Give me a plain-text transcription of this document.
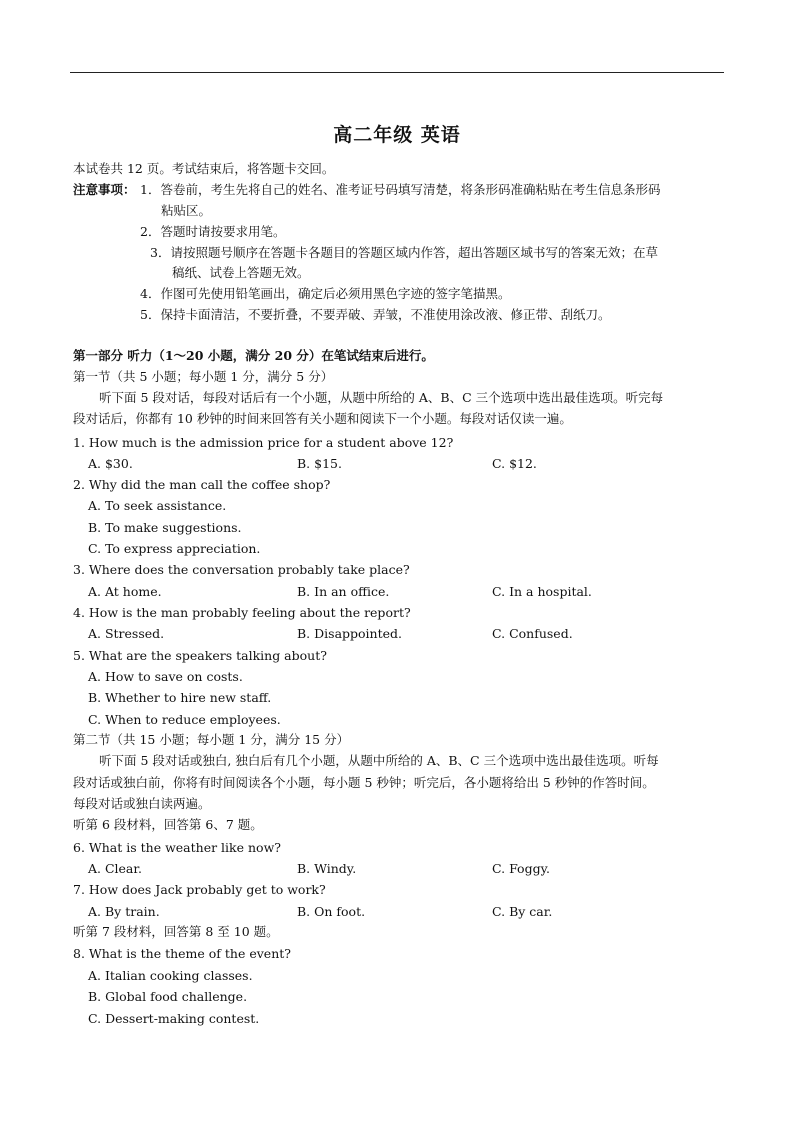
高二年级 英语
本试卷共 12 页。考试结束后，将答题卡交回。
注意事项： 1．答卷前，考生先将自己的姓名、准考证号码填写清楚，将条形码准确粘贴在考生信息条形码
粘贴区。
2．答题时请按要求用笔。
3．请按照题号顺序在答题卡各题目的答题区域内作答，超出答题区域书写的答案无效；在草
稿纸、试卷上答题无效。
4．作图可先使用铅笔画出，确定后必须用黑色字迹的签字笔描黑。
5．保持卡面清洁，不要折叠，不要弄破、弄皱，不准使用涂改液、修正带、刮纸刀。
第一部分 听力（1～20 小题，满分 20 分）在笔试结束后进行。
第一节（共 5 小题；每小题 1 分，满分 5 分）
听下面 5 段对话，每段对话后有一个小题，从题中所给的 A、B、C 三个选项中选出最佳选项。听完每
段对话后，你都有 10 秒钟的时间来回答有关小题和阅读下一个小题。每段对话仅读一遍。
1. How much is the admission price for a student above 12?
A. $30.	B. $15.	C. $12.
2. Why did the man call the coffee shop?
A. To seek assistance.
B. To make suggestions.
C. To express appreciation.
3. Where does the conversation probably take place?
A. At home.	B. In an office.	C. In a hospital.
4. How is the man probably feeling about the report?
A. Stressed.	B. Disappointed.	C. Confused.
5. What are the speakers talking about?
A. How to save on costs.
B. Whether to hire new staff.
C. When to reduce employees.
第二节（共 15 小题；每小题 1 分，满分 15 分）
听下面 5 段对话或独白, 独白后有几个小题，从题中所给的 A、B、C 三个选项中选出最佳选项。听每
段对话或独白前，你将有时间阅读各个小题，每小题 5 秒钟；听完后，各小题将给出 5 秒钟的作答时间。
每段对话或独白读两遍。
听第 6 段材料，回答第 6、7 题。
6. What is the weather like now?
A. Clear.	B. Windy.	C. Foggy.
7. How does Jack probably get to work?
A. By train.	B. On foot.	C. By car.
听第 7 段材料，回答第 8 至 10 题。
8. What is the theme of the event?
A. Italian cooking classes.
B. Global food challenge.
C. Dessert-making contest.
